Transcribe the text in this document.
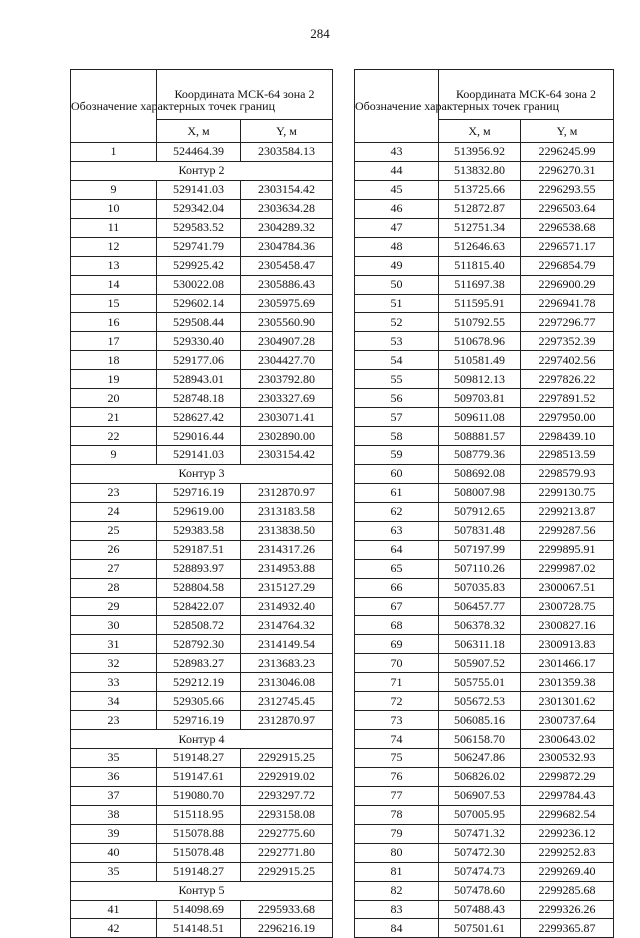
284
Обозначение характерных точек границ	Координата МСК-64 зона 2	
	X, м	Y, м
1	524464.39	2303584.13
Контур 2		
9	529141.03	2303154.42
10	529342.04	2303634.28
11	529583.52	2304289.32
12	529741.79	2304784.36
13	529925.42	2305458.47
14	530022.08	2305886.43
15	529602.14	2305975.69
16	529508.44	2305560.90
17	529330.40	2304907.28
18	529177.06	2304427.70
19	528943.01	2303792.80
20	528748.18	2303327.69
21	528627.42	2303071.41
22	529016.44	2302890.00
9	529141.03	2303154.42
Контур 3		
23	529716.19	2312870.97
24	529619.00	2313183.58
25	529383.58	2313838.50
26	529187.51	2314317.26
27	528893.97	2314953.88
28	528804.58	2315127.29
29	528422.07	2314932.40
30	528508.72	2314764.32
31	528792.30	2314149.54
32	528983.27	2313683.23
33	529212.19	2313046.08
34	529305.66	2312745.45
23	529716.19	2312870.97
Контур 4		
35	519148.27	2292915.25
36	519147.61	2292919.02
37	519080.70	2293297.72
38	515118.95	2293158.08
39	515078.88	2292775.60
40	515078.48	2292771.80
35	519148.27	2292915.25
Контур 5		
41	514098.69	2295933.68
42	514148.51	2296216.19
Обозначение характерных точек границ	Координата МСК-64 зона 2	
	X, м	Y, м
43	513956.92	2296245.99
44	513832.80	2296270.31
45	513725.66	2296293.55
46	512872.87	2296503.64
47	512751.34	2296538.68
48	512646.63	2296571.17
49	511815.40	2296854.79
50	511697.38	2296900.29
51	511595.91	2296941.78
52	510792.55	2297296.77
53	510678.96	2297352.39
54	510581.49	2297402.56
55	509812.13	2297826.22
56	509703.81	2297891.52
57	509611.08	2297950.00
58	508881.57	2298439.10
59	508779.36	2298513.59
60	508692.08	2298579.93
61	508007.98	2299130.75
62	507912.65	2299213.87
63	507831.48	2299287.56
64	507197.99	2299895.91
65	507110.26	2299987.02
66	507035.83	2300067.51
67	506457.77	2300728.75
68	506378.32	2300827.16
69	506311.18	2300913.83
70	505907.52	2301466.17
71	505755.01	2301359.38
72	505672.53	2301301.62
73	506085.16	2300737.64
74	506158.70	2300643.02
75	506247.86	2300532.93
76	506826.02	2299872.29
77	506907.53	2299784.43
78	507005.95	2299682.54
79	507471.32	2299236.12
80	507472.30	2299252.83
81	507474.73	2299269.40
82	507478.60	2299285.68
83	507488.43	2299326.26
84	507501.61	2299365.87
